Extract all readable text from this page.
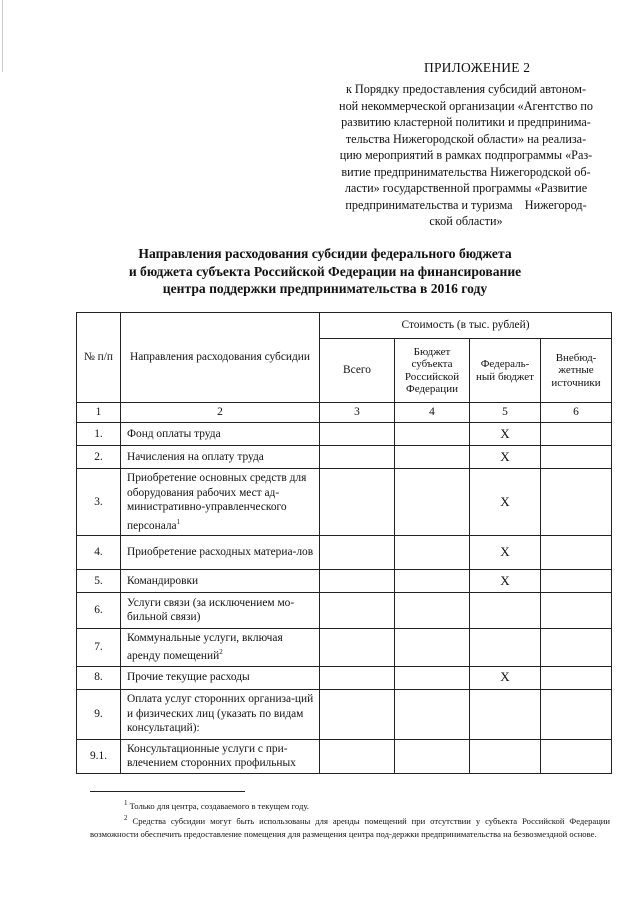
ПРИЛОЖЕНИЕ 2
к Порядку предоставления субсидий автоном-
ной некоммерческой организации «Агентство по
развитию кластерной политики и предпринима-
тельства Нижегородской области» на реализа-
цию мероприятий в рамках подпрограммы «Раз-
витие предпринимательства Нижегородской об-
ласти» государственной программы «Развитие
предпринимательства и туризма    Нижегород-
ской области»
Направления расходования субсидии федерального бюджета
и бюджета субъекта Российской Федерации на финансирование
центра поддержки предпринимательства в 2016 году
№ п/п	Направления расходования субсидии	Стоимость (в тыс. рублей)			
		Всего	Бюджет субъекта Российской Федерации	Федераль-ный бюджет	Внебюд-жетные источники
1	2	3	4	5	6
1.	Фонд оплаты труда			Х	
2.	Начисления на оплату труда			Х	
3.	Приобретение основных средств для оборудования рабочих мест ад-министративно-управленческого персонала$^1$			Х	
4.	Приобретение расходных материа-лов			Х	
5.	Командировки			Х	
6.	Услуги связи (за исключением мо-бильной связи)				
7.	Коммунальные услуги, включая аренду помещений$^2$				
8.	Прочие текущие расходы			Х	
9.	Оплата услуг сторонних организа-ций и физических лиц (указать по видам консультаций):				
9.1.	Консультационные услуги с при-влечением сторонних профильных				
$^1$ Только для центра, создаваемого в текущем году.
$^2$ Средства субсидии могут быть использованы для аренды помещений при отсутствии у субъекта Российской Федерации возможности обеспечить предоставление помещения для размещения центра под-держки предпринимательства на безвозмездной основе.
